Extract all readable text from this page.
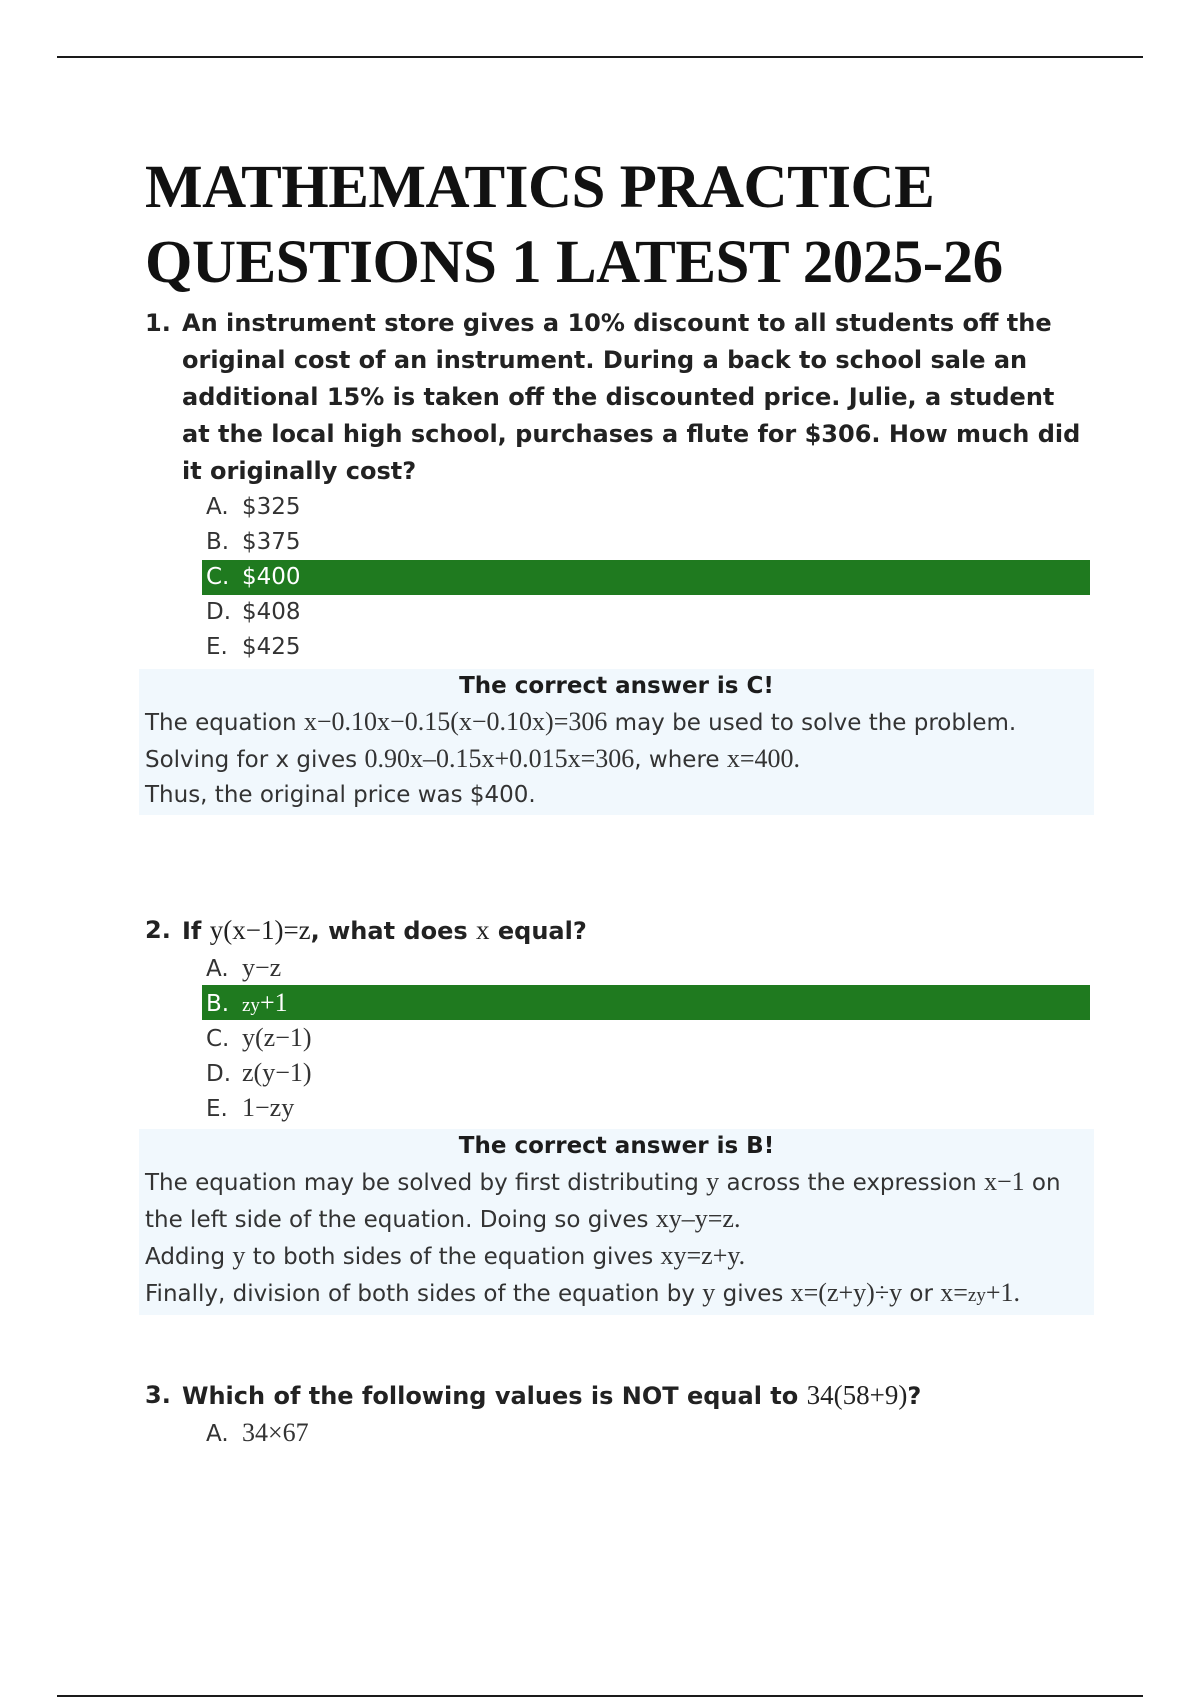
MATHEMATICS PRACTICE
QUESTIONS 1 LATEST 2025-26
1. An instrument store gives a 10% discount to all students off the original cost of an instrument. During a back to school sale an additional 15% is taken off the discounted price. Julie, a student at the local high school, purchases a flute for $306. How much did it originally cost?
A. $325
B. $375
C. $400
D. $408
E. $425
The correct answer is C!
The equation x−0.10x−0.15(x−0.10x)=306 may be used to solve the problem.
Solving for x gives 0.90x–0.15x+0.015x=306, where x=400.
Thus, the original price was $400.
2. If y(x−1)=z, what does x equal?
A. y−z
B. zy+1
C. y(z−1)
D. z(y−1)
E. 1−zy
The correct answer is B!
The equation may be solved by first distributing y across the expression x−1 on
the left side of the equation. Doing so gives xy–y=z.
Adding y to both sides of the equation gives xy=z+y.
Finally, division of both sides of the equation by y gives x=(z+y)÷y or x=zy+1.
3. Which of the following values is NOT equal to 34(58+9)?
A. 34×67
